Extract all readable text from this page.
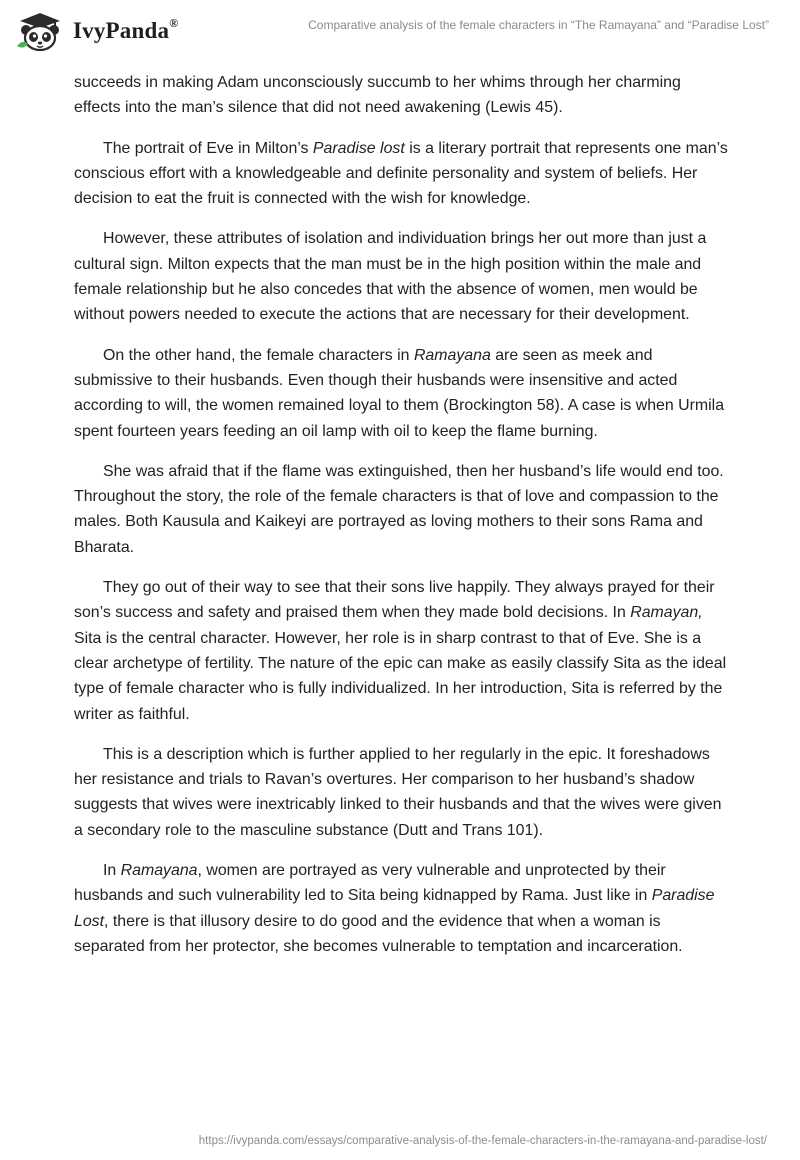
IvyPanda®	Comparative analysis of the female characters in “The Ramayana” and “Paradise Lost”

succeeds in making Adam unconsciously succumb to her whims through her charming effects into the man’s silence that did not need awakening (Lewis 45).

The portrait of Eve in Milton’s Paradise lost is a literary portrait that represents one man’s conscious effort with a knowledgeable and definite personality and system of beliefs. Her decision to eat the fruit is connected with the wish for knowledge.

However, these attributes of isolation and individuation brings her out more than just a cultural sign. Milton expects that the man must be in the high position within the male and female relationship but he also concedes that with the absence of women, men would be without powers needed to execute the actions that are necessary for their development.

On the other hand, the female characters in Ramayana are seen as meek and submissive to their husbands. Even though their husbands were insensitive and acted according to will, the women remained loyal to them (Brockington 58). A case is when Urmila spent fourteen years feeding an oil lamp with oil to keep the flame burning.

She was afraid that if the flame was extinguished, then her husband’s life would end too. Throughout the story, the role of the female characters is that of love and compassion to the males. Both Kausula and Kaikeyi are portrayed as loving mothers to their sons Rama and Bharata.

They go out of their way to see that their sons live happily. They always prayed for their son’s success and safety and praised them when they made bold decisions. In Ramayan, Sita is the central character. However, her role is in sharp contrast to that of Eve. She is a clear archetype of fertility. The nature of the epic can make as easily classify Sita as the ideal type of female character who is fully individualized. In her introduction, Sita is referred by the writer as faithful.

This is a description which is further applied to her regularly in the epic. It foreshadows her resistance and trials to Ravan’s overtures. Her comparison to her husband’s shadow suggests that wives were inextricably linked to their husbands and that the wives were given a secondary role to the masculine substance (Dutt and Trans 101).

In Ramayana, women are portrayed as very vulnerable and unprotected by their husbands and such vulnerability led to Sita being kidnapped by Rama. Just like in Paradise Lost, there is that illusory desire to do good and the evidence that when a woman is separated from her protector, she becomes vulnerable to temptation and incarceration.

https://ivypanda.com/essays/comparative-analysis-of-the-female-characters-in-the-ramayana-and-paradise-lost/
